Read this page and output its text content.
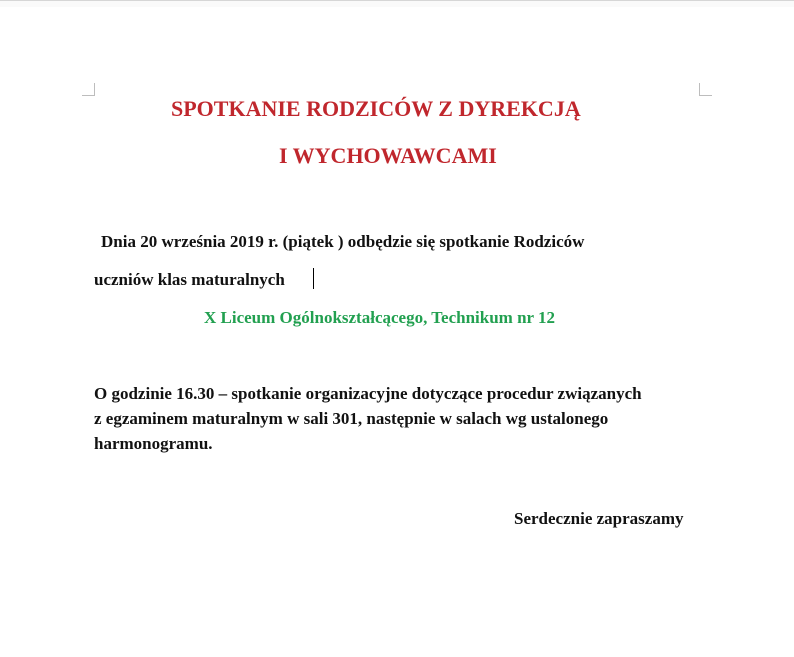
SPOTKANIE RODZICÓW Z DYREKCJĄ
I WYCHOWAWCAMI
Dnia 20 września 2019 r. (piątek ) odbędzie się spotkanie Rodziców
uczniów klas maturalnych
X Liceum Ogólnokształcącego, Technikum nr 12
O godzinie 16.30 – spotkanie organizacyjne dotyczące procedur związanych
z egzaminem maturalnym w sali 301, następnie w salach wg ustalonego
harmonogramu.
Serdecznie zapraszamy
